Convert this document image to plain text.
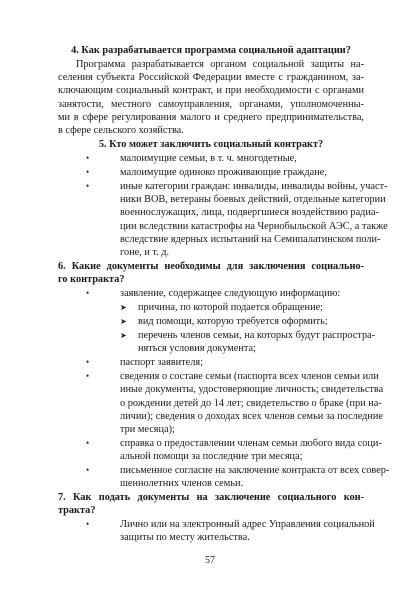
4. Как разрабатывается программа социальной адаптации?
Программа разрабатывается органом социальной защиты на-
селения субъекта Российской Федерации вместе с гражданином, за-
ключающим социальный контракт, и при необходимости с органами
занятости, местного самоуправления, органами, уполномоченны-
ми в сфере регулирования малого и среднего предпринимательства,
в сфере сельского хозяйства.
5. Кто может заключить социальный контракт?
•	малоимущие семьи, в т. ч. многодетные,
•	малоимущие одиноко проживающие граждане,
•	иные категории граждан: инвалиды, инвалиды войны, участ-
ники ВОВ, ветераны боевых действий, отдельные категории
военнослужащих, лица, подвергшиеся воздействию радиа-
ции вследствии катастрофы на Чернобыльской АЭС, а также
вследствие ядерных испытаний на Семипалатинском поли-
гоне, и т. д.
6. Какие документы необходимы для заключения социально-
го контракта?
•	заявление, содержащее следующую информацию:
➤ причина, по которой подается обращение;
➤ вид помощи, которую требуется оформить;
➤ перечень членов семьи, на которых будут распростра-
няться условия документа;
•	паспорт заявителя;
•	сведения о составе семьи (паспорта всех членов семьи или
иные документы, удостоверяющие личность; свидетельства
о рождении детей до 14 лет; свидетельство о браке (при на-
личии); сведения о доходах всех членов семьи за последние
три месяца);
•	справка о предоставлении членам семьи любого вида соци-
альной помощи за последние три месяца;
•	письменное согласие на заключение контракта от всех совер-
шеннолетних членов семьи.
7. Как подать документы на заключение социального кон-
тракта?
•	Лично или на электронный адрес Управления социальной
защиты по месту жительства.
57
